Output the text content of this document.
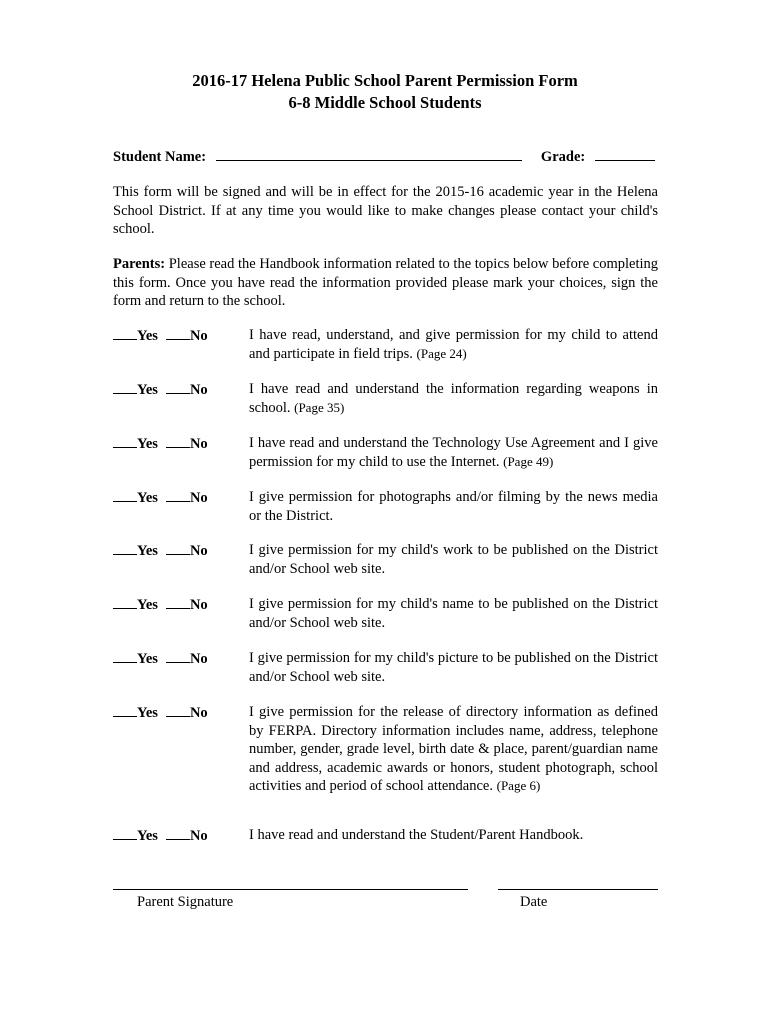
2016-17 Helena Public School Parent Permission Form
6-8 Middle School Students
Student Name:	Grade:
This form will be signed and will be in effect for the 2015-16 academic year in the Helena School District. If at any time you would like to make changes please contact your child's school.
Parents: Please read the Handbook information related to the topics below before completing this form. Once you have read the information provided please mark your choices, sign the form and return to the school.
Yes No	I have read, understand, and give permission for my child to attend and participate in field trips. (Page 24)
Yes No	I have read and understand the information regarding weapons in school. (Page 35)
Yes No	I have read and understand the Technology Use Agreement and I give permission for my child to use the Internet. (Page 49)
Yes No	I give permission for photographs and/or filming by the news media or the District.
Yes No	I give permission for my child's work to be published on the District and/or School web site.
Yes No	I give permission for my child's name to be published on the District and/or School web site.
Yes No	I give permission for my child's picture to be published on the District and/or School web site.
Yes No	I give permission for the release of directory information as defined by FERPA. Directory information includes name, address, telephone number, gender, grade level, birth date & place, parent/guardian name and address, academic awards or honors, student photograph, school activities and period of school attendance. (Page 6)
Yes No	I have read and understand the Student/Parent Handbook.
Parent Signature	Date
